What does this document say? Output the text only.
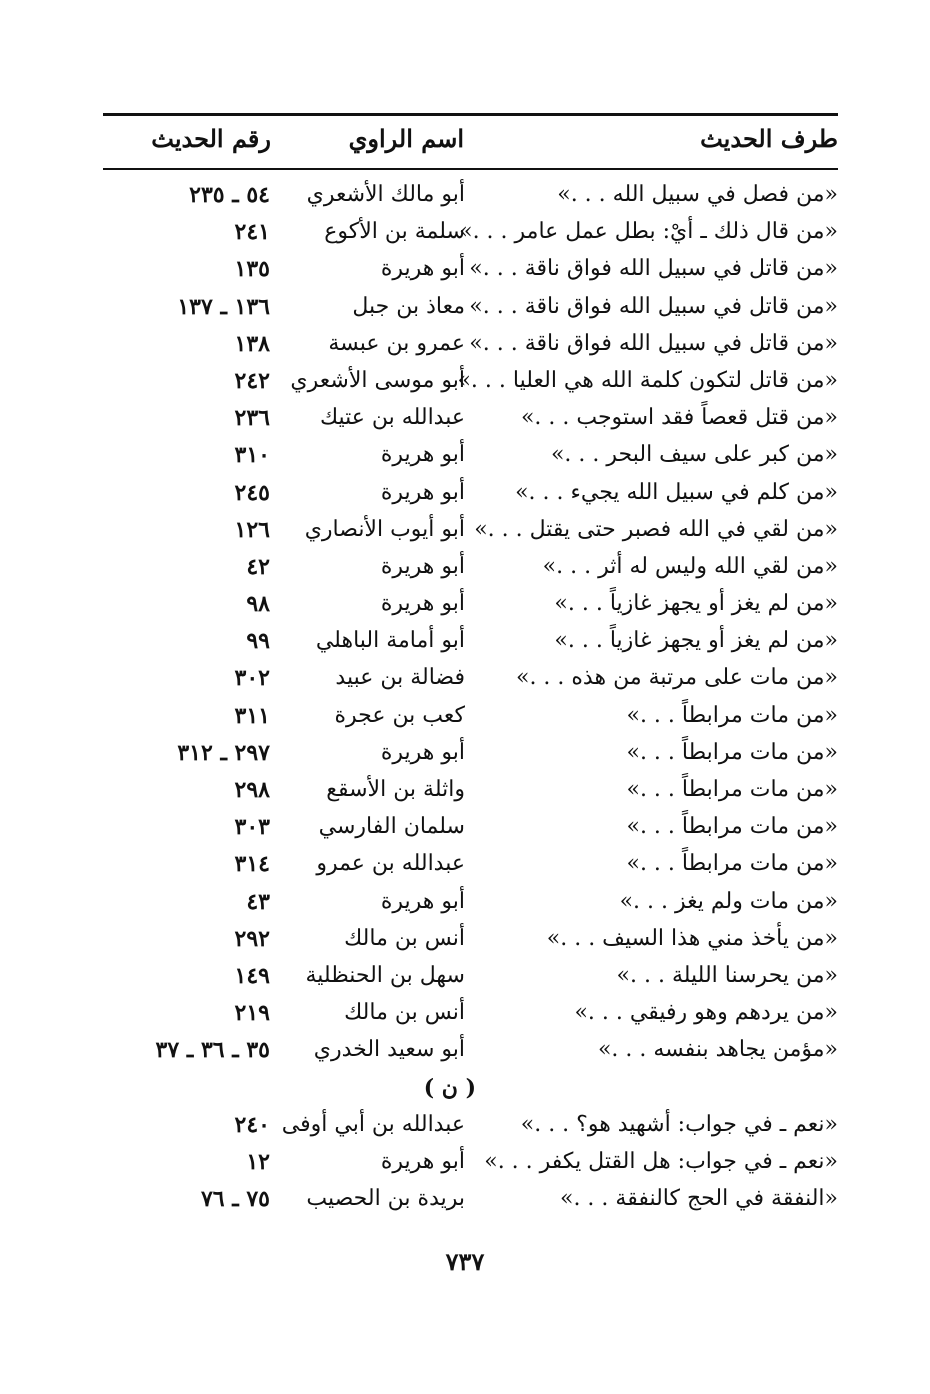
طرف الحديث
اسم الراوي
رقم الحديث
«من فصل في سبيل الله . . .»
أبو مالك الأشعري
٥٤ ـ ٢٣٥
«من قال ذلك ـ أيْ: بطل عمل عامر . . .»
سلمة بن الأكوع
٢٤١
«من قاتل في سبيل الله فواق ناقة . . .»
أبو هريرة
١٣٥
«من قاتل في سبيل الله فواق ناقة . . .»
معاذ بن جبل
١٣٦ ـ ١٣٧
«من قاتل في سبيل الله فواق ناقة . . .»
عمرو بن عبسة
١٣٨
«من قاتل لتكون كلمة الله هي العليا . . .»
أبو موسى الأشعري
٢٤٢
«من قتل قعصاً فقد استوجب . . .»
عبدالله بن عتيك
٢٣٦
«من كبر على سيف البحر . . .»
أبو هريرة
٣١٠
«من كلم في سبيل الله يجيء . . .»
أبو هريرة
٢٤٥
«من لقي في الله فصبر حتى يقتل . . .»
أبو أيوب الأنصاري
١٢٦
«من لقي الله وليس له أثر . . .»
أبو هريرة
٤٢
«من لم يغز أو يجهز غازياً . . .»
أبو هريرة
٩٨
«من لم يغز أو يجهز غازياً . . .»
أبو أمامة الباهلي
٩٩
«من مات على مرتبة من هذه . . .»
فضالة بن عبيد
٣٠٢
«من مات مرابطاً . . .»
كعب بن عجرة
٣١١
«من مات مرابطاً . . .»
أبو هريرة
٢٩٧ ـ ٣١٢
«من مات مرابطاً . . .»
واثلة بن الأسقع
٢٩٨
«من مات مرابطاً . . .»
سلمان الفارسي
٣٠٣
«من مات مرابطاً . . .»
عبدالله بن عمرو
٣١٤
«من مات ولم يغز . . .»
أبو هريرة
٤٣
«من يأخذ مني هذا السيف . . .»
أنس بن مالك
٢٩٢
«من يحرسنا الليلة . . .»
سهل بن الحنظلية
١٤٩
«من يردهم وهو رفيقي . . .»
أنس بن مالك
٢١٩
«مؤمن يجاهد بنفسه . . .»
أبو سعيد الخدري
٣٥ ـ ٣٦ ـ ٣٧
( ن )
«نعم ـ في جواب: أشهيد هو؟ . . .»
عبدالله بن أبي أوفى
٢٤٠
«نعم ـ في جواب: هل القتل يكفر . . .»
أبو هريرة
١٢
«النفقة في الحج كالنفقة . . .»
بريدة بن الحصيب
٧٥ ـ ٧٦
٧٣٧
